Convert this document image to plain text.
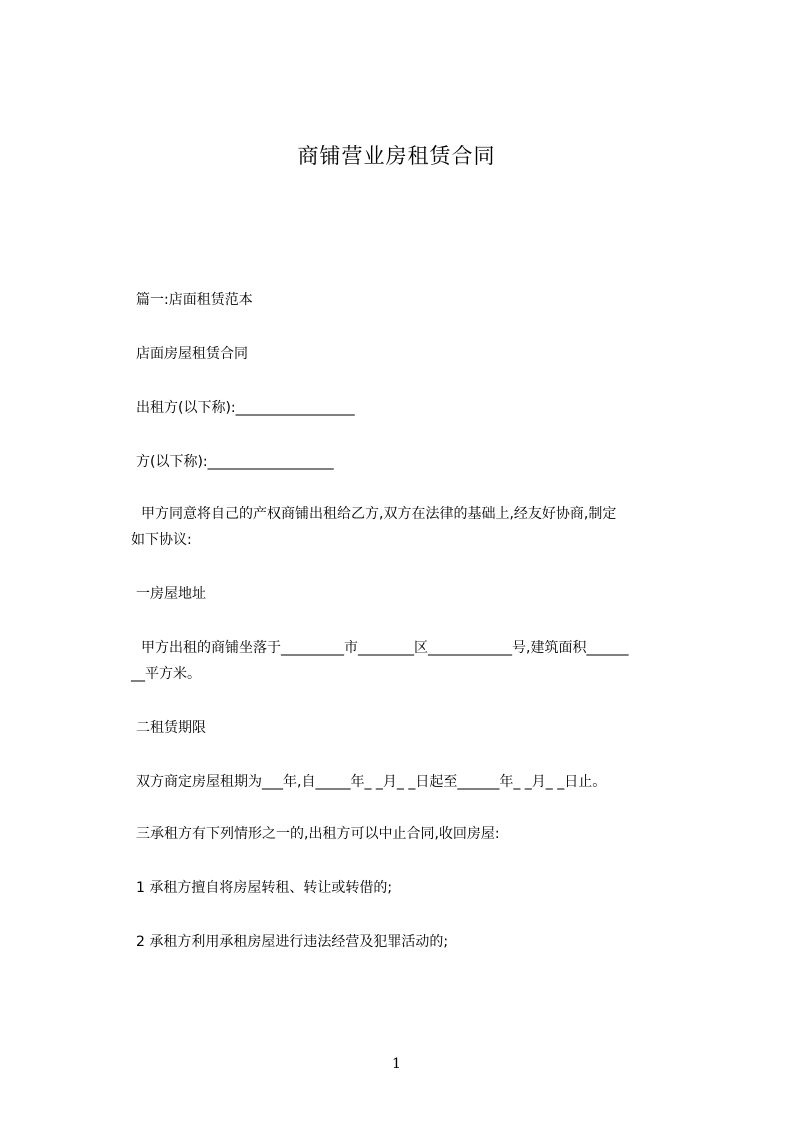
商铺营业房租赁合同
篇一:店面租赁范本
店面房屋租赁合同
出租方(以下称):_________________
方(以下称):__________________
甲方同意将自己的产权商铺出租给乙方,双方在法律的基础上,经友好协商,制定
如下协议:
一房屋地址
甲方出租的商铺坐落于_________市________区____________号,建筑面积______
__平方米。
二租赁期限
双方商定房屋租期为___年,自_____年_ _月_ _日起至______年_ _月_ _日止。
三承租方有下列情形之一的,出租方可以中止合同,收回房屋:
1 承租方擅自将房屋转租、转让或转借的;
2 承租方利用承租房屋进行违法经营及犯罪活动的;
1
